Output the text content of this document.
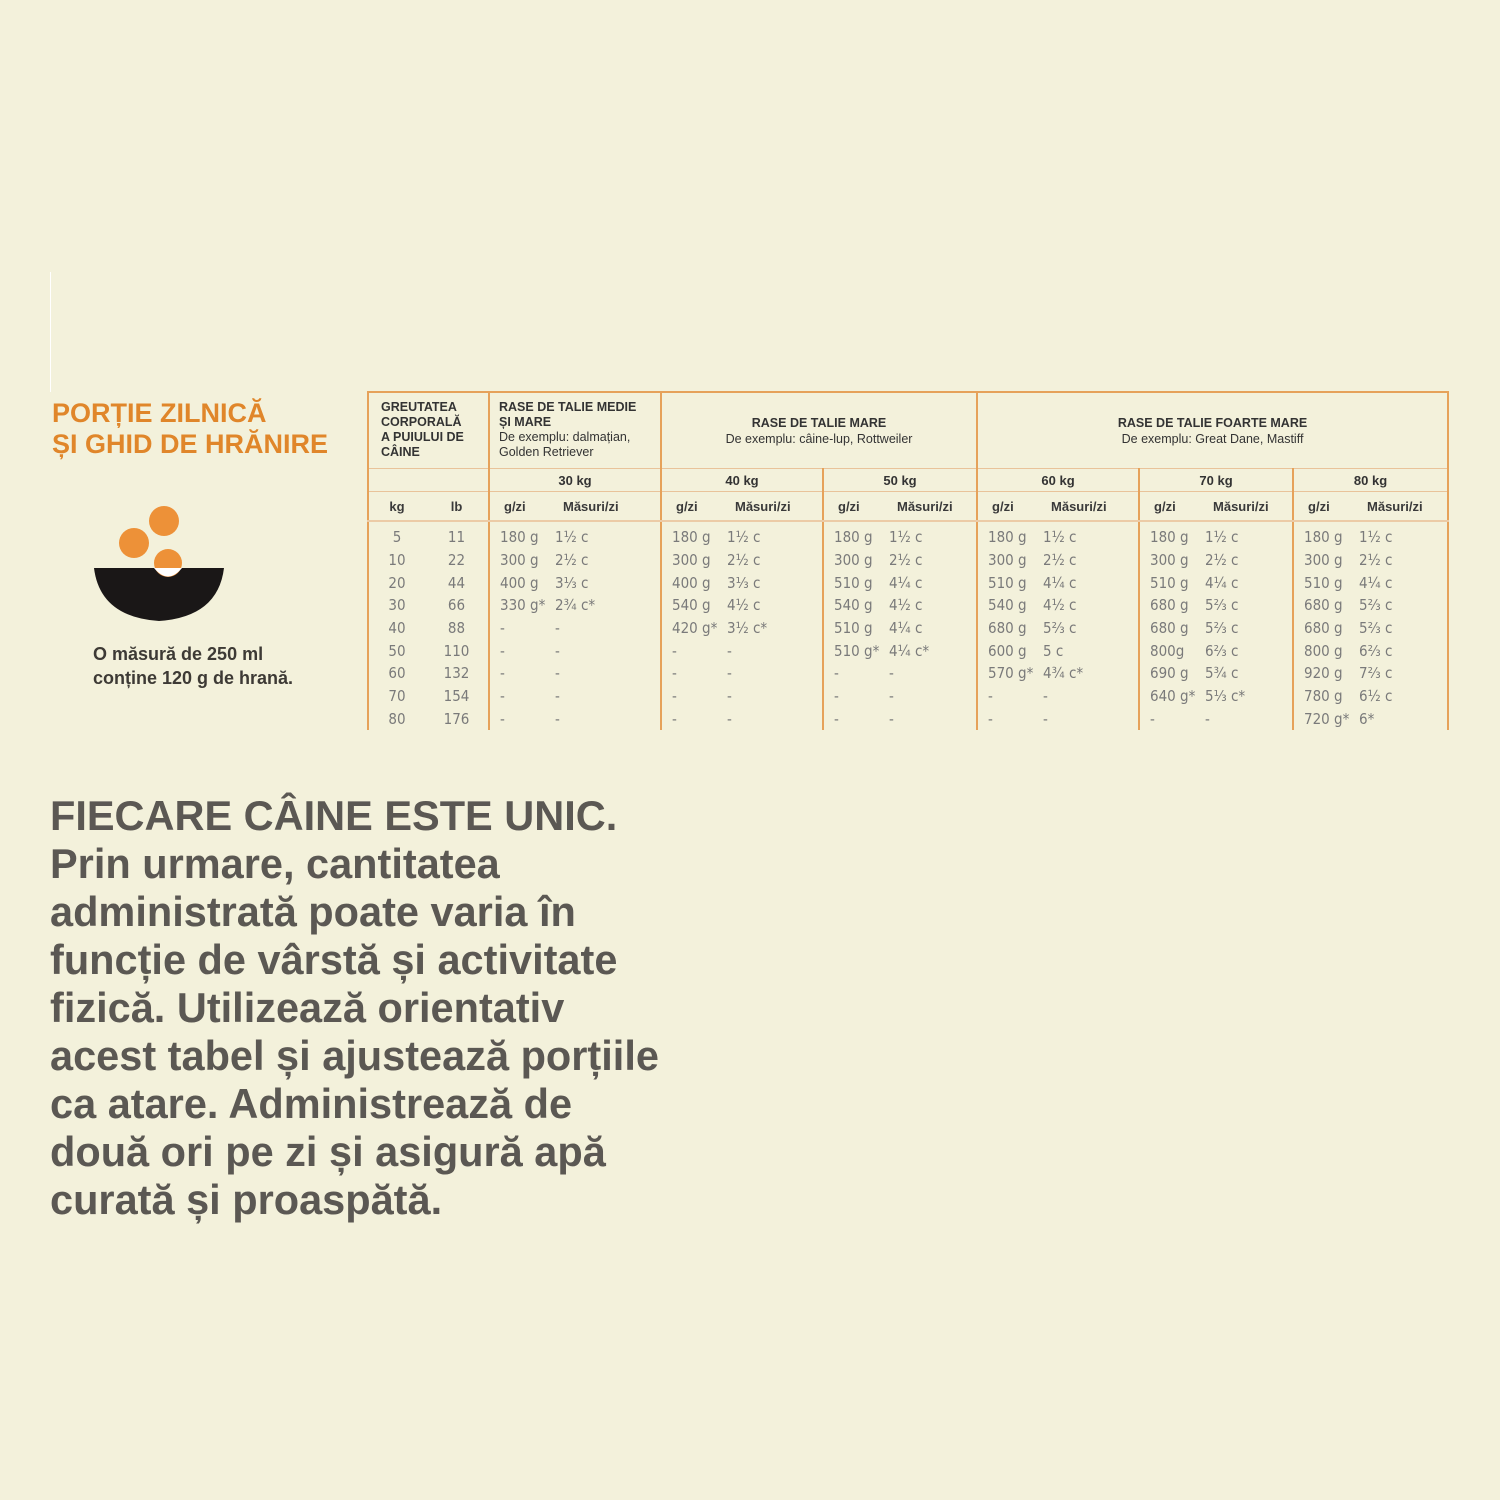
PORȚIE ZILNICĂ
ȘI GHID DE HRĂNIRE

O măsură de 250 ml
conține 120 g de hrană.

GREUTATEA
CORPORALĂ
A PUIULUI DE
CÂINE		RASE DE TALIE MEDIE
ȘI MARE
De exemplu: dalmațian,
Golden Retriever		RASE DE TALIE MARE
De exemplu: câine-lup, Rottweiler				RASE DE TALIE FOARTE MARE
De exemplu: Great Dane, Mastiff					

		30 kg		40 kg		50 kg		60 kg		70 kg		80 kg	
kg	lb	g/zi	Măsuri/zi	g/zi	Măsuri/zi	g/zi	Măsuri/zi	g/zi	Măsuri/zi	g/zi	Măsuri/zi	g/zi	Măsuri/zi

5	11	180 g	1½ c	180 g	1½ c	180 g	1½ c	180 g	1½ c	180 g	1½ c	180 g	1½ c
10	22	300 g	2½ c	300 g	2½ c	300 g	2½ c	300 g	2½ c	300 g	2½ c	300 g	2½ c
20	44	400 g	3⅓ c	400 g	3⅓ c	510 g	4¼ c	510 g	4¼ c	510 g	4¼ c	510 g	4¼ c
30	66	330 g*	2¾ c*	540 g	4½ c	540 g	4½ c	540 g	4½ c	680 g	5⅔ c	680 g	5⅔ c
40	88	-	-	420 g*	3½ c*	510 g	4¼ c	680 g	5⅔ c	680 g	5⅔ c	680 g	5⅔ c
50	110	-	-	-	-	510 g*	4¼ c*	600 g	5 c	800g	6⅔ c	800 g	6⅔ c
60	132	-	-	-	-	-	-	570 g*	4¾ c*	690 g	5¾ c	920 g	7⅔ c
70	154	-	-	-	-	-	-	-	-	640 g*	5⅓ c*	780 g	6½ c
80	176	-	-	-	-	-	-	-	-	-	-	720 g*	6*

FIECARE CÂINE ESTE UNIC.
Prin urmare, cantitatea
administrată poate varia în
funcție de vârstă și activitate
fizică. Utilizează orientativ
acest tabel și ajustează porțiile
ca atare. Administrează de
două ori pe zi și asigură apă
curată și proaspătă.
